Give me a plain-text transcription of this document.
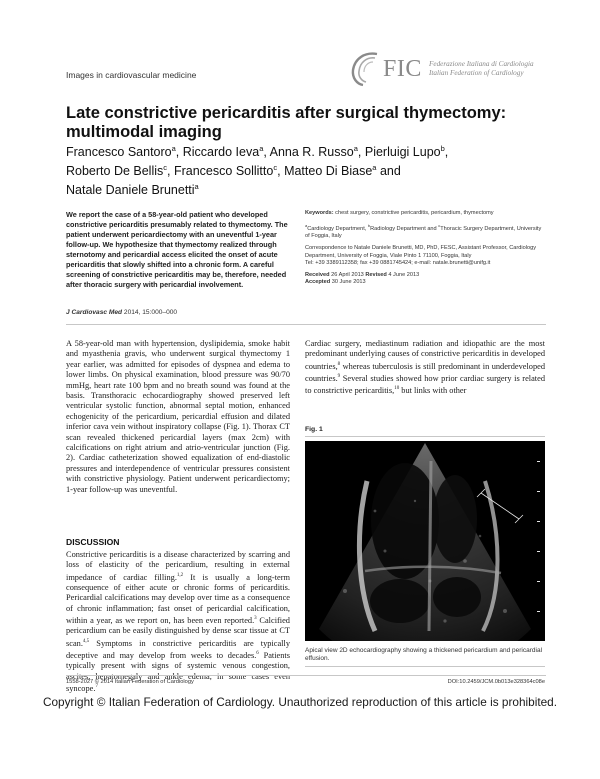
Images in cardiovascular medicine	FIC Federazione Italiana di Cardiologia
Italian Federation of Cardiology
Late constrictive pericarditis after surgical thymectomy:
multimodal imaging
Francesco Santoro$^a$, Riccardo Ieva$^a$, Anna R. Russo$^a$, Pierluigi Lupo$^b$,
Roberto De Bellis$^c$, Francesco Sollitto$^c$, Matteo Di Biase$^a$ and
Natale Daniele Brunetti$^a$

We report the case of a 58-year-old patient who developed constrictive pericarditis presumably related to thymectomy. The patient underwent pericardiectomy with an uneventful 1-year follow-up. We hypothesize that thymectomy realized through sternotomy and pericardial access elicited the onset of acute pericarditis that slowly shifted into a chronic form. A careful screening of constrictive pericarditis may be, therefore, needed after thoracic surgery with pericardial involvement.

J Cardiovasc Med 2014, 15:000–000

Keywords: chest surgery, constrictive pericarditis, pericardium, thymectomy

$^a$Cardiology Department, $^b$Radiology Department and $^c$Thoracic Surgery Department, University of Foggia, Italy

Correspondence to Natale Daniele Brunetti, MD, PhD, FESC, Assistant Professor, Cardiology Department, University of Foggia, Viale Pinto 1 71100, Foggia, Italy
Tel: +39 3389112358; fax +39 0881745424; e-mail: natale.brunetti@unifg.it

Received 26 April 2013 Revised 4 June 2013
Accepted 30 June 2013

A 58-year-old man with hypertension, dyslipidemia, smoke habit and myasthenia gravis, who underwent surgical thymectomy 1 year earlier, was admitted for episodes of dyspnea and edema to lower limbs. On physical examination, blood pressure was 90/70 mmHg, heart rate 100 bpm and no breath sound was found at the basis. Transthoracic echocardiography showed preserved left ventricular systolic function, abnormal septal motion, enhanced echogenicity of the pericardium, pericardial effusion and dilated inferior cava vein without inspiratory collapse (Fig. 1). Thorax CT scan revealed thickened pericardial layers (max 2cm) with calcifications on right atrium and atrio-ventricular junction (Fig. 2). Cardiac catheterization showed equalization of end-diastolic pressures and interdependence of ventricular pressures consistent with constrictive physiology. Patient underwent pericardiectomy; 1-year follow-up was uneventful.

DISCUSSION
Constrictive pericarditis is a disease characterized by scarring and loss of elasticity of the pericardium, resulting in external impedance of cardiac filling.$^{1,2}$ It is usually a long-term consequence of either acute or chronic forms of pericarditis. Pericardial calcifications may develop over time as a consequence of chronic inflammation; fast onset of pericardial calcification, within a year, as we report on, has been even reported.$^3$ Calcified pericardium can be easily distinguished by dense scar tissue at CT scan.$^{4,5}$ Symptoms in constrictive pericarditis are typically deceptive and may develop from weeks to decades.$^6$ Patients typically present with signs of systemic venous congestion, ascites, hepatomegaly and ankle edema, in some cases even syncope.$^7$
Cardiac surgery, mediastinum radiation and idiopathic are the most predominant underlying causes of constrictive pericarditis in developed countries,$^8$ whereas tuberculosis is still predominant in underdeveloped countries.$^9$ Several studies showed how prior cardiac surgery is related to constrictive pericarditis,$^{10}$ but links with other
Fig. 1
Apical view 2D echocardiography showing a thickened pericardium and pericardial effusion.
1558-2027 © 2014 Italian Federation of Cardiology	DOI:10.2459/JCM.0b013e328364c08e
Copyright © Italian Federation of Cardiology. Unauthorized reproduction of this article is prohibited.
